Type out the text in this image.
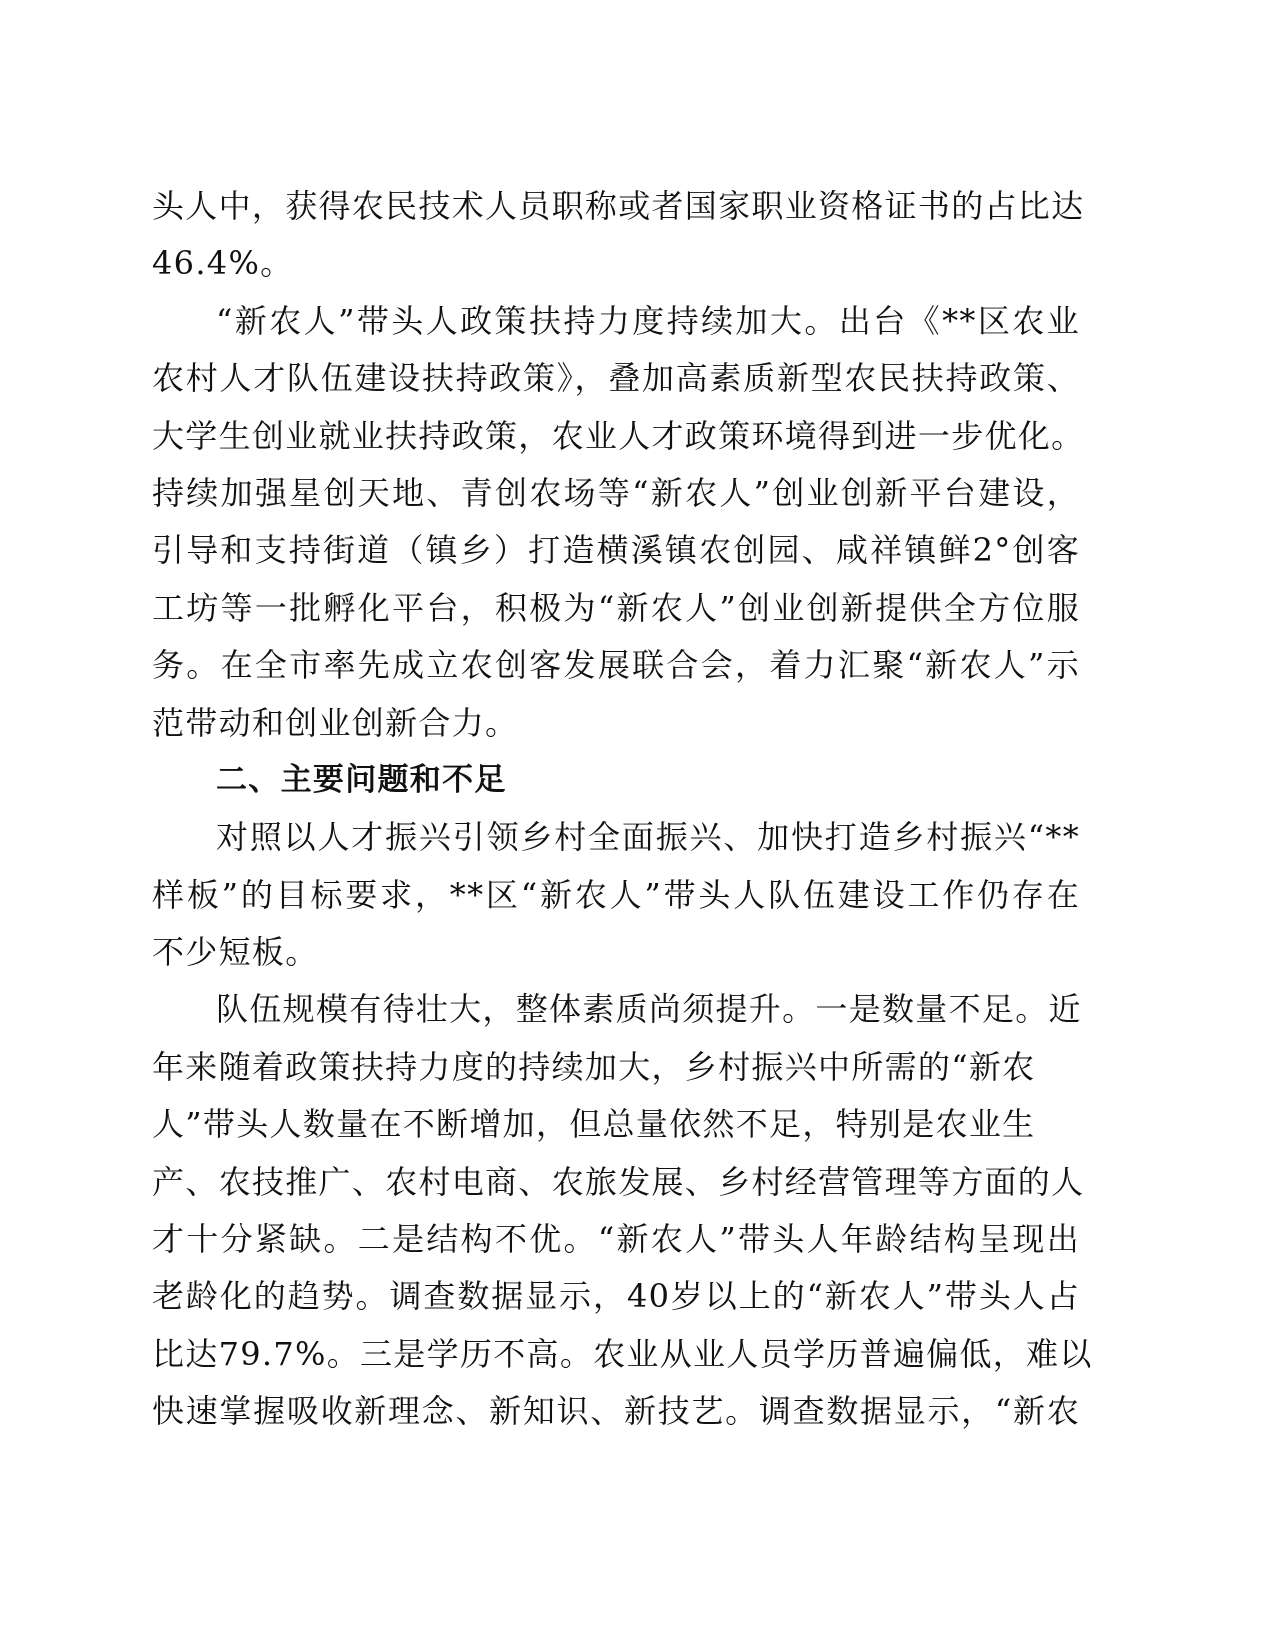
头人中，获得农民技术人员职称或者国家职业资格证书的占比达
46.4%。
“新农人”带头人政策扶持力度持续加大。出台《**区农业
农村人才队伍建设扶持政策》，叠加高素质新型农民扶持政策、
大学生创业就业扶持政策，农业人才政策环境得到进一步优化。
持续加强星创天地、青创农场等“新农人”创业创新平台建设，
引导和支持街道（镇乡）打造横溪镇农创园、咸祥镇鲜2°创客
工坊等一批孵化平台，积极为“新农人”创业创新提供全方位服
务。在全市率先成立农创客发展联合会，着力汇聚“新农人”示
范带动和创业创新合力。
二、主要问题和不足
对照以人才振兴引领乡村全面振兴、加快打造乡村振兴“**
样板”的目标要求，**区“新农人”带头人队伍建设工作仍存在
不少短板。
队伍规模有待壮大，整体素质尚须提升。一是数量不足。近
年来随着政策扶持力度的持续加大，乡村振兴中所需的“新农
人”带头人数量在不断增加，但总量依然不足，特别是农业生
产、农技推广、农村电商、农旅发展、乡村经营管理等方面的人
才十分紧缺。二是结构不优。“新农人”带头人年龄结构呈现出
老龄化的趋势。调查数据显示，40岁以上的“新农人”带头人占
比达79.7%。三是学历不高。农业从业人员学历普遍偏低，难以
快速掌握吸收新理念、新知识、新技艺。调查数据显示，“新农
